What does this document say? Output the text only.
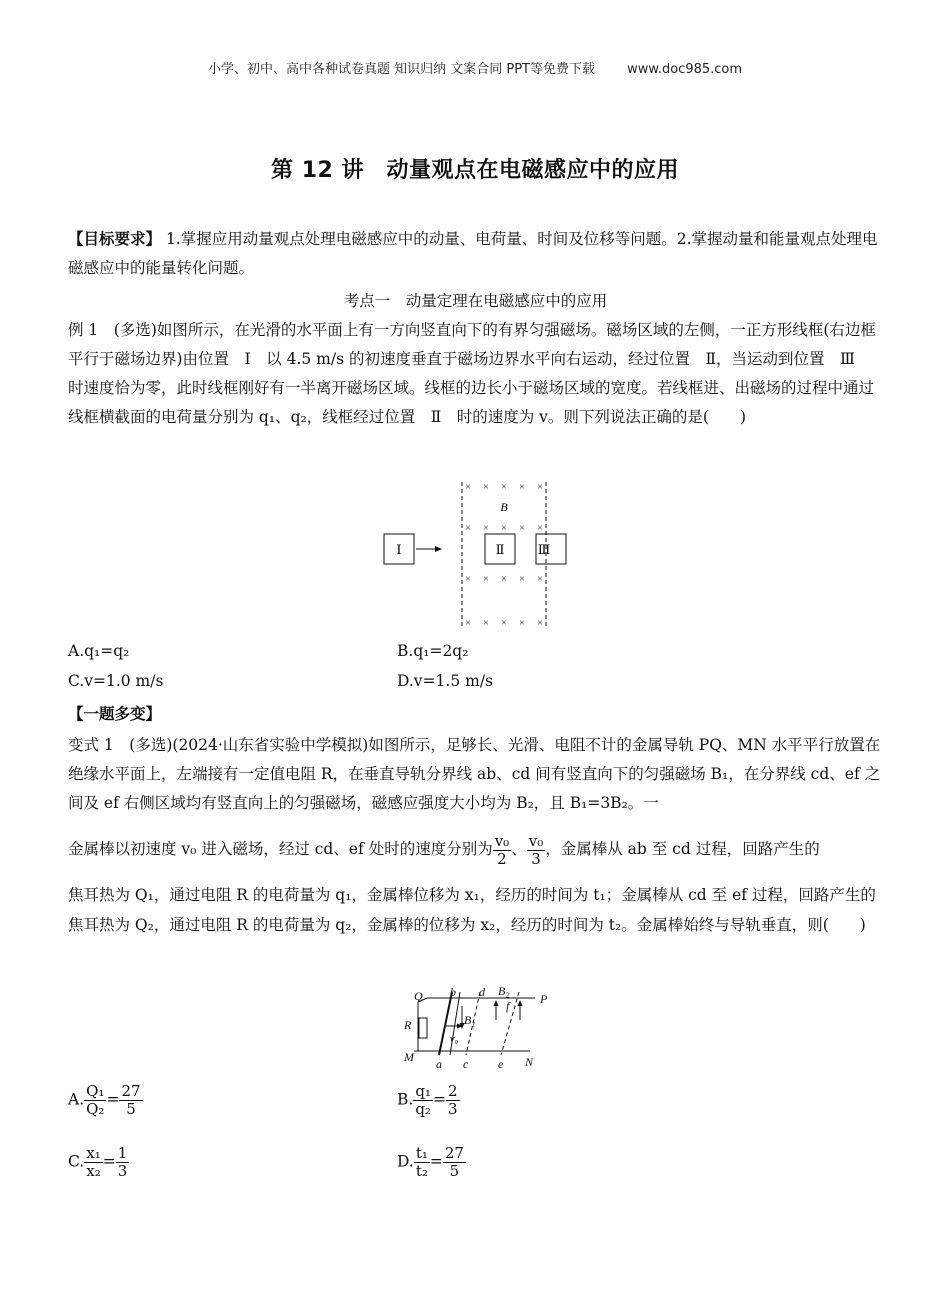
小学、初中、高中各种试卷真题 知识归纳 文案合同 PPT等免费下载 www.doc985.com
第 12 讲　动量观点在电磁感应中的应用
【目标要求】 1.掌握应用动量观点处理电磁感应中的动量、电荷量、时间及位移等问题。2.掌握动量和能量观点处理电磁感应中的能量转化问题。
考点一　动量定理在电磁感应中的应用
例 1　(多选)如图所示，在光滑的水平面上有一方向竖直向下的有界匀强磁场。磁场区域的左侧，一正方形线框(右边框平行于磁场边界)由位置　Ⅰ　以 4.5 m/s 的初速度垂直于磁场边界水平向右运动，经过位置　Ⅱ，当运动到位置　Ⅲ　时速度恰为零，此时线框刚好有一半离开磁场区域。线框的边长小于磁场区域的宽度。若线框进、出磁场的过程中通过线框横截面的电荷量分别为 q₁、q₂，线框经过位置　Ⅱ　时的速度为 v。则下列说法正确的是(　　)
× × × × ×
× × × × ×
× × × × ×
× × × × ×
B
Ⅰ	Ⅱ	Ⅲ
A.q₁=q₂	B.q₁=2q₂
C.v=1.0 m/s	D.v=1.5 m/s
【一题多变】
变式 1　(多选)(2024·山东省实验中学模拟)如图所示，足够长、光滑、电阻不计的金属导轨 PQ、MN 水平平行放置在绝缘水平面上，左端接有一定值电阻 R，在垂直导轨分界线 ab、cd 间有竖直向下的匀强磁场 B₁，在分界线 cd、ef 之间及 ef 右侧区域均有竖直向上的匀强磁场，磁感应强度大小均为 B₂，且 B₁=3B₂。一
金属棒以初速度 v₀ 进入磁场，经过 cd、ef 处时的速度分别为 $\frac{\text{v₀}}{2}$ 、 $\frac{\text{v₀}}{3}$ ，金属棒从 ab 至 cd 过程，回路产生的
焦耳热为 Q₁，通过电阻 R 的电荷量为 q₁，金属棒位移为 x₁，经历的时间为 t₁；金属棒从 cd 至 ef 过程，回路产生的焦耳热为 Q₂，通过电阻 R 的电荷量为 q₂，金属棒的位移为 x₂，经历的时间为 t₂。金属棒始终与导轨垂直，则(　　)
Q	P
M	N
R
b d
a c e
f
B₁
B₂
v₀
A. $\frac{\text{Q₁}}{\text{Q₂}} = \frac{27}{5}$	B. $\frac{\text{q₁}}{\text{q₂}} = \frac{2}{3}$
C. $\frac{\text{x₁}}{\text{x₂}} = \frac{1}{3}$	D. $\frac{\text{t₁}}{\text{t₂}} = \frac{27}{5}$
